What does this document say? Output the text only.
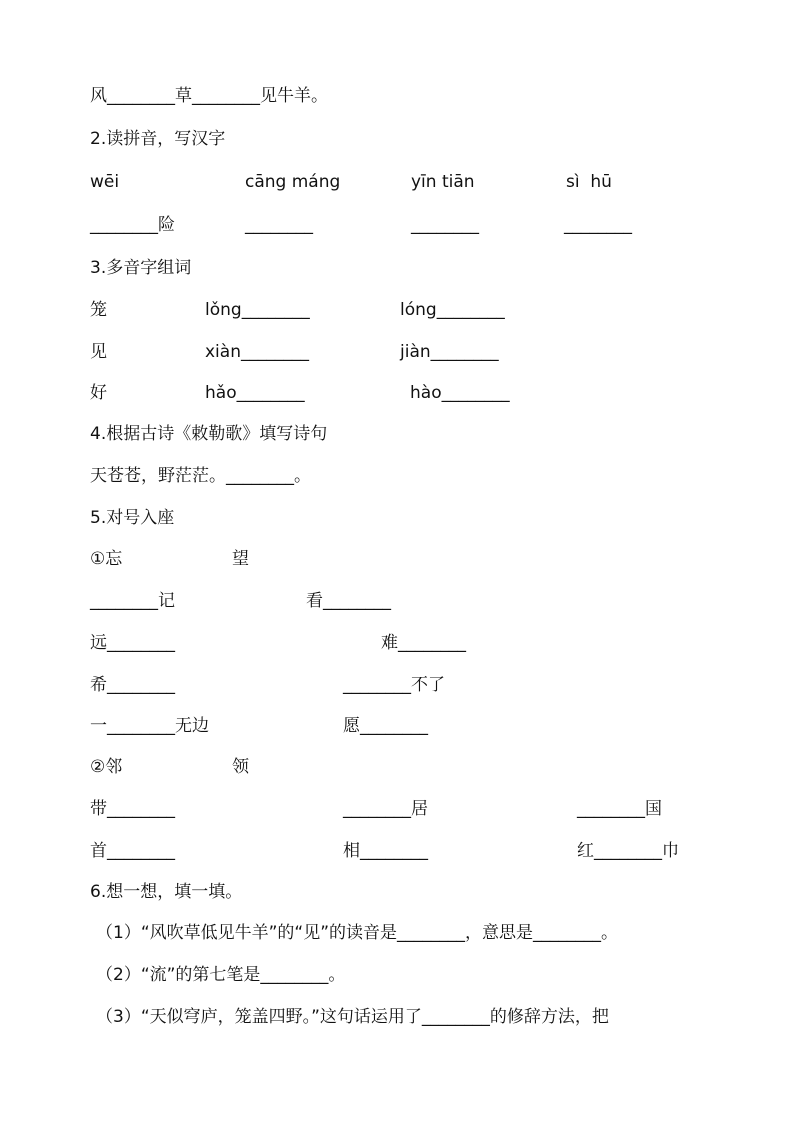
风________草________见牛羊。
2.读拼音，写汉字
wēi	cāng máng	yīn tiān	sì  hū
________险	________	________	________
3.多音字组词
笼	lǒng________	lóng________
见	xiàn________	jiàn________
好	hǎo________	hào________
4.根据古诗《敕勒歌》填写诗句
天苍苍，野茫茫。________。
5.对号入座
①忘	望
________记	看________
远________	难________
希________	________不了
一________无边	愿________
②邻	领
带________	________居	________国
首________	相________	红________巾
6.想一想，填一填。
（1）“风吹草低见牛羊”的“见”的读音是________，意思是________。
（2）“流”的第七笔是________。
（3）“天似穹庐，笼盖四野。”这句话运用了________的修辞方法，把
